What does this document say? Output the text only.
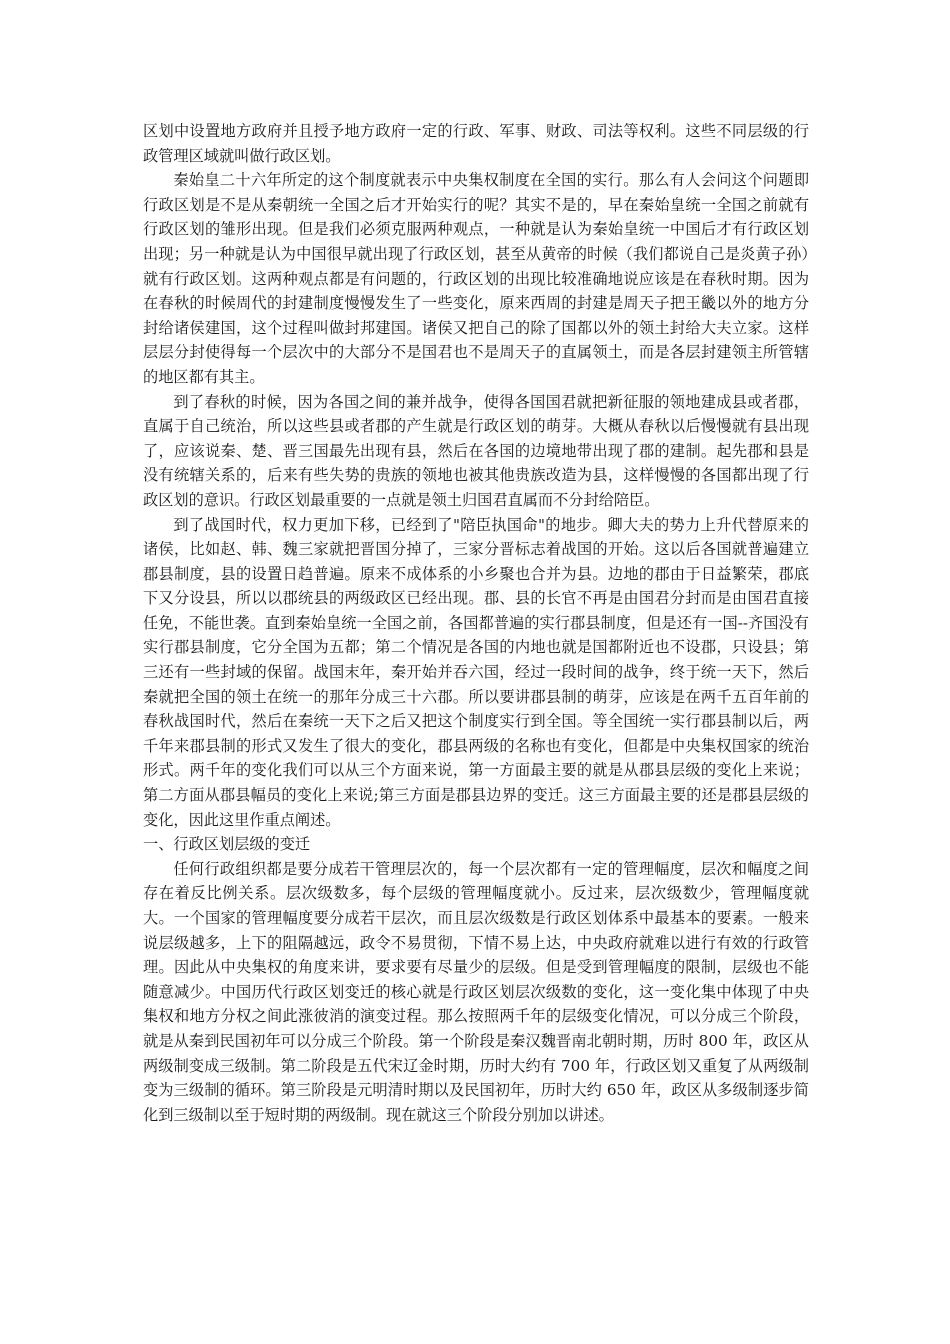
区划中设置地方政府并且授予地方政府一定的行政、军事、财政、司法等权利。这些不同层级的行政管理区域就叫做行政区划。

秦始皇二十六年所定的这个制度就表示中央集权制度在全国的实行。那么有人会问这个问题即行政区划是不是从秦朝统一全国之后才开始实行的呢？其实不是的，早在秦始皇统一全国之前就有行政区划的雏形出现。但是我们必须克服两种观点，一种就是认为秦始皇统一中国后才有行政区划出现；另一种就是认为中国很早就出现了行政区划，甚至从黄帝的时候（我们都说自己是炎黄子孙）就有行政区划。这两种观点都是有问题的，行政区划的出现比较准确地说应该是在春秋时期。因为在春秋的时候周代的封建制度慢慢发生了一些变化，原来西周的封建是周天子把王畿以外的地方分封给诸侯建国，这个过程叫做封邦建国。诸侯又把自己的除了国都以外的领土封给大夫立家。这样层层分封使得每一个层次中的大部分不是国君也不是周天子的直属领土，而是各层封建领主所管辖的地区都有其主。

到了春秋的时候，因为各国之间的兼并战争，使得各国国君就把新征服的领地建成县或者郡，直属于自己统治，所以这些县或者郡的产生就是行政区划的萌芽。大概从春秋以后慢慢就有县出现了，应该说秦、楚、晋三国最先出现有县，然后在各国的边境地带出现了郡的建制。起先郡和县是没有统辖关系的，后来有些失势的贵族的领地也被其他贵族改造为县，这样慢慢的各国都出现了行政区划的意识。行政区划最重要的一点就是领土归国君直属而不分封给陪臣。

到了战国时代，权力更加下移，已经到了"陪臣执国命"的地步。卿大夫的势力上升代替原来的诸侯，比如赵、韩、魏三家就把晋国分掉了，三家分晋标志着战国的开始。这以后各国就普遍建立郡县制度，县的设置日趋普遍。原来不成体系的小乡聚也合并为县。边地的郡由于日益繁荣，郡底下又分设县，所以以郡统县的两级政区已经出现。郡、县的长官不再是由国君分封而是由国君直接任免，不能世袭。直到秦始皇统一全国之前，各国都普遍的实行郡县制度，但是还有一国--齐国没有实行郡县制度，它分全国为五都；第二个情况是各国的内地也就是国都附近也不设郡，只设县；第三还有一些封域的保留。战国末年，秦开始并吞六国，经过一段时间的战争，终于统一天下，然后秦就把全国的领土在统一的那年分成三十六郡。所以要讲郡县制的萌芽，应该是在两千五百年前的春秋战国时代，然后在秦统一天下之后又把这个制度实行到全国。等全国统一实行郡县制以后，两千年来郡县制的形式又发生了很大的变化，郡县两级的名称也有变化，但都是中央集权国家的统治形式。两千年的变化我们可以从三个方面来说，第一方面最主要的就是从郡县层级的变化上来说；第二方面从郡县幅员的变化上来说;第三方面是郡县边界的变迁。这三方面最主要的还是郡县层级的变化，因此这里作重点阐述。

一、行政区划层级的变迁

任何行政组织都是要分成若干管理层次的，每一个层次都有一定的管理幅度，层次和幅度之间存在着反比例关系。层次级数多，每个层级的管理幅度就小。反过来，层次级数少，管理幅度就大。一个国家的管理幅度要分成若干层次，而且层次级数是行政区划体系中最基本的要素。一般来说层级越多，上下的阻隔越远，政令不易贯彻，下情不易上达，中央政府就难以进行有效的行政管理。因此从中央集权的角度来讲，要求要有尽量少的层级。但是受到管理幅度的限制，层级也不能随意减少。中国历代行政区划变迁的核心就是行政区划层次级数的变化，这一变化集中体现了中央集权和地方分权之间此涨彼消的演变过程。那么按照两千年的层级变化情况，可以分成三个阶段，就是从秦到民国初年可以分成三个阶段。第一个阶段是秦汉魏晋南北朝时期，历时 800 年，政区从两级制变成三级制。第二阶段是五代宋辽金时期，历时大约有 700 年，行政区划又重复了从两级制变为三级制的循环。第三阶段是元明清时期以及民国初年，历时大约 650 年，政区从多级制逐步简化到三级制以至于短时期的两级制。现在就这三个阶段分别加以讲述。
